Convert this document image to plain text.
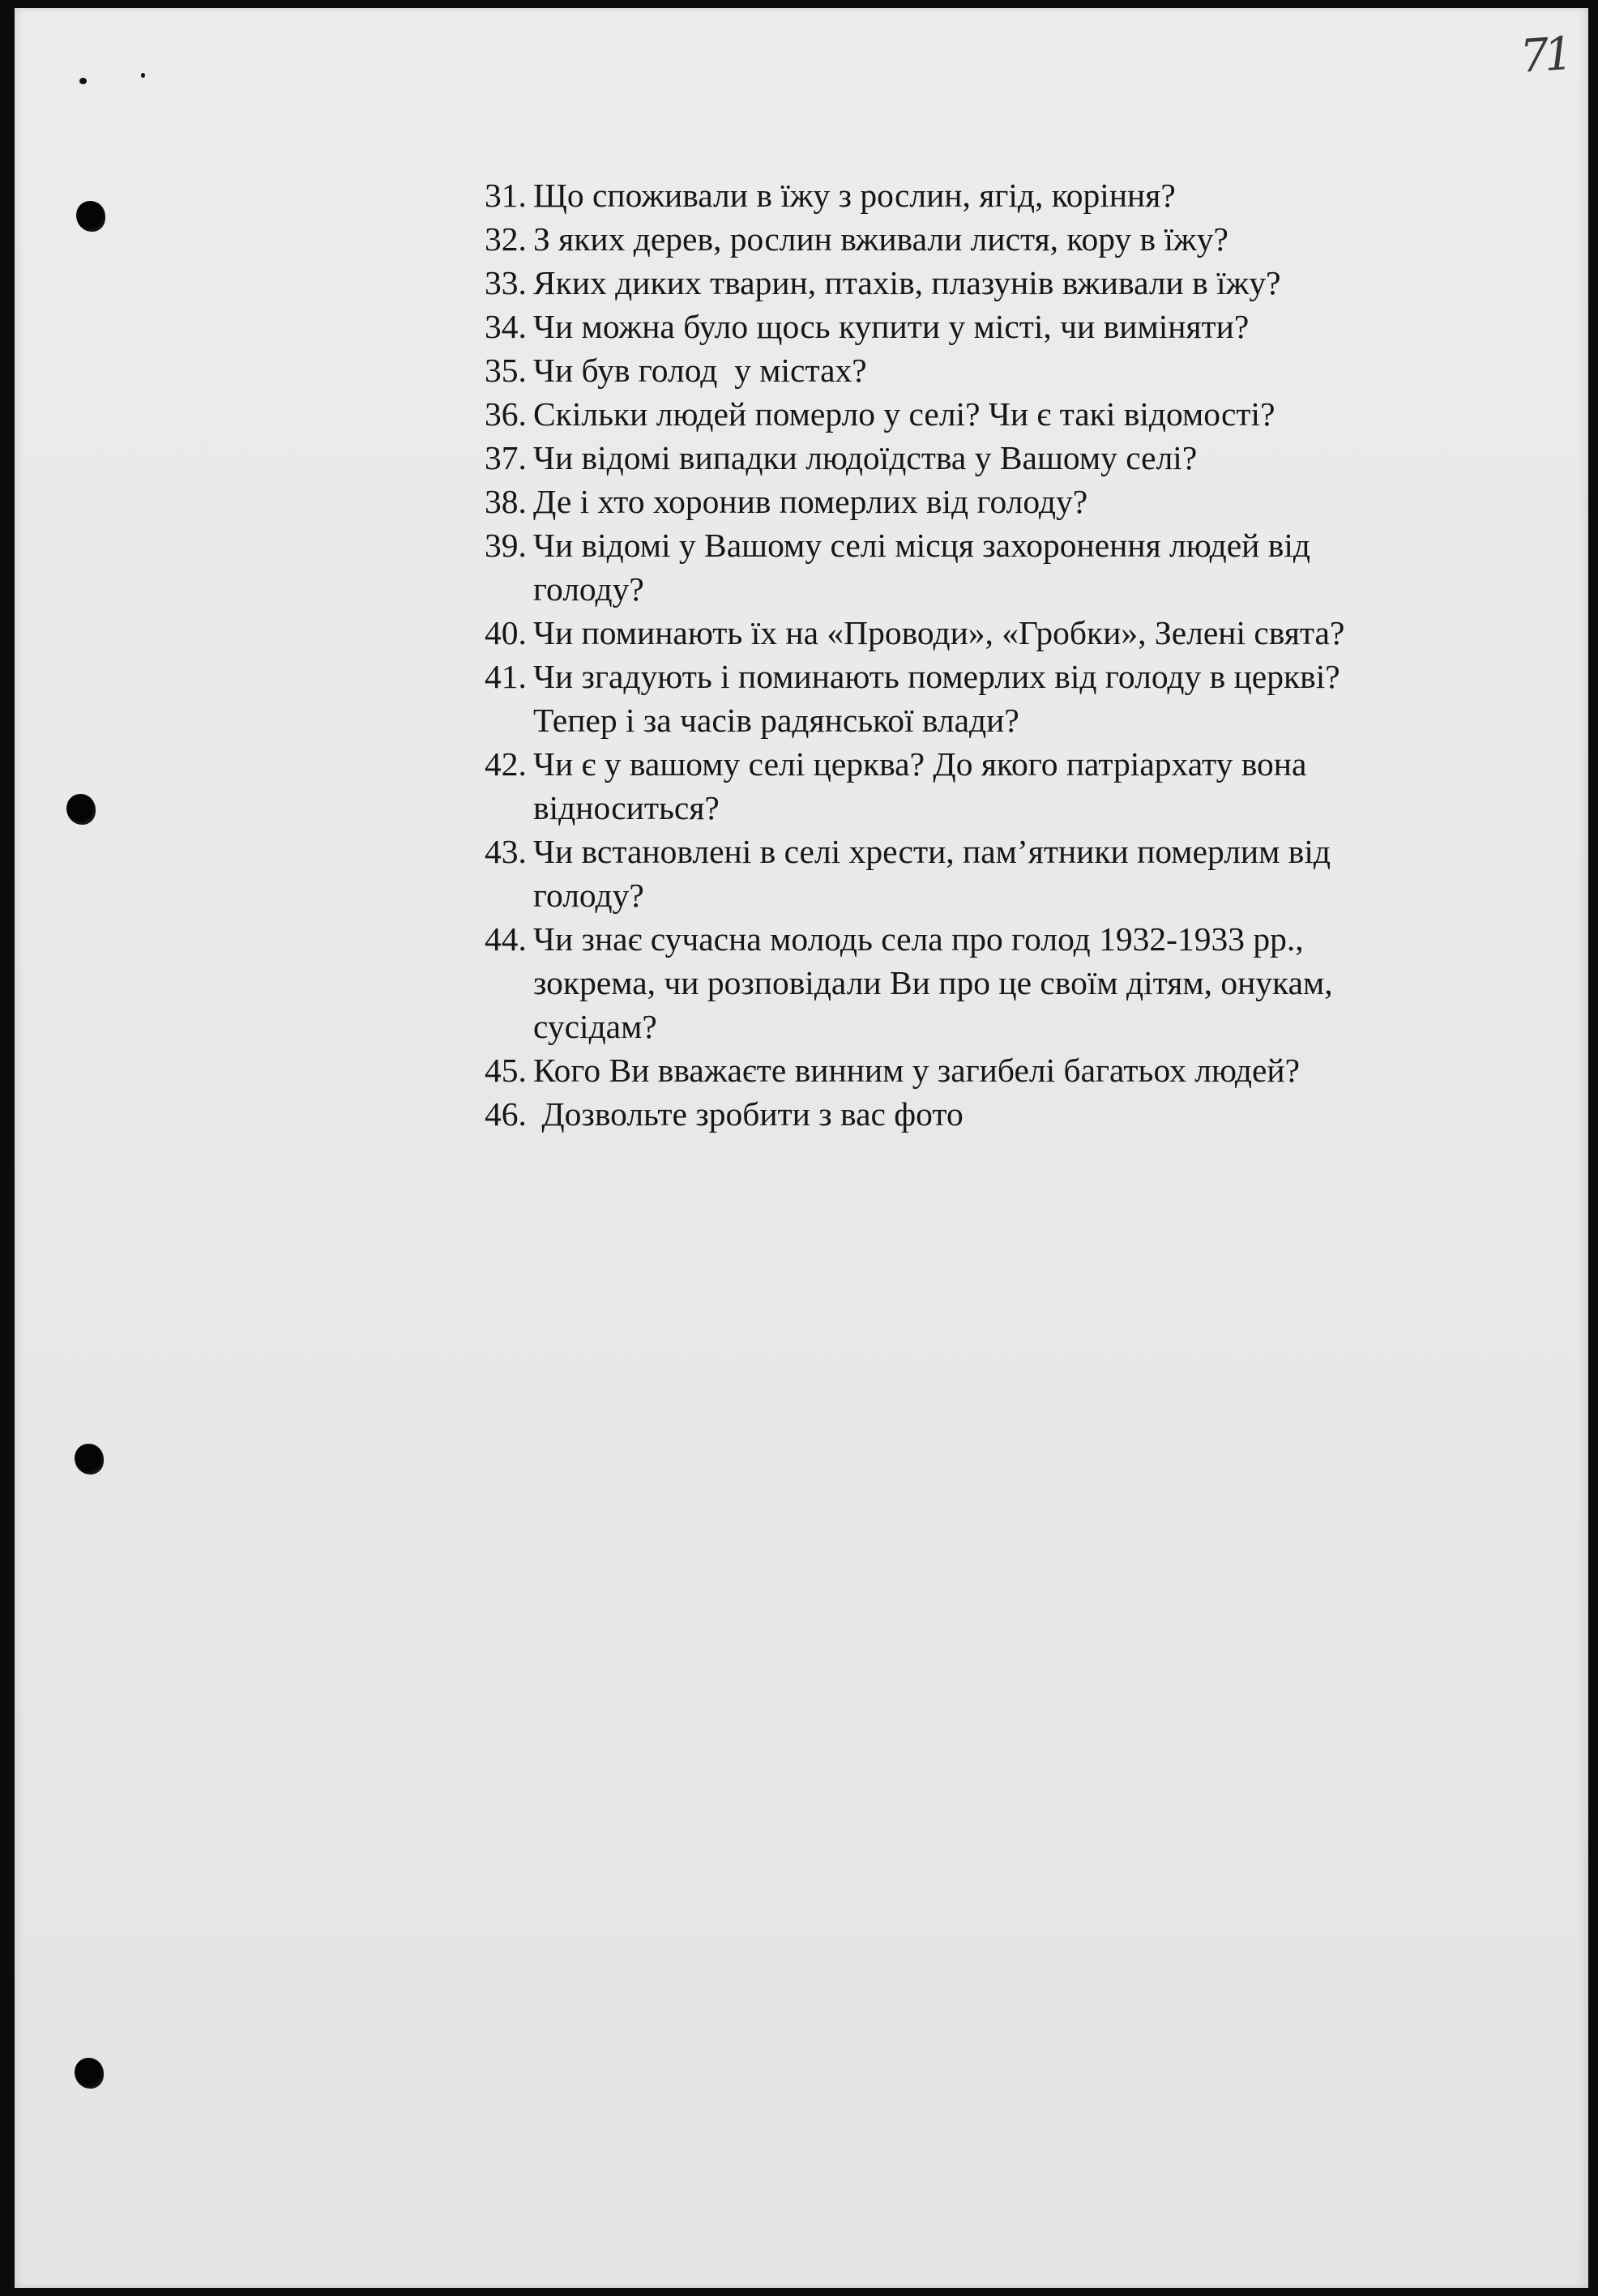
71
31. Що споживали в їжу з рослин, ягід, коріння?
32. З яких дерев, рослин вживали листя, кору в їжу?
33. Яких диких тварин, птахів, плазунів вживали в їжу?
34. Чи можна було щось купити у місті, чи виміняти?
35. Чи був голод  у містах?
36. Скільки людей померло у селі? Чи є такі відомості?
37. Чи відомі випадки людоїдства у Вашому селі?
38. Де і хто хоронив померлих від голоду?
39. Чи відомі у Вашому селі місця захоронення людей від
голоду?
40. Чи поминають їх на «Проводи», «Гробки», Зелені свята?
41. Чи згадують і поминають померлих від голоду в церкві?
Тепер і за часів радянської влади?
42. Чи є у вашому селі церква? До якого патріархату вона
відноситься?
43. Чи встановлені в селі хрести, пам’ятники померлим від
голоду?
44. Чи знає сучасна молодь села про голод 1932-1933 рр.,
зокрема, чи розповідали Ви про це своїм дітям, онукам,
сусідам?
45. Кого Ви вважаєте винним у загибелі багатьох людей?
46. Дозвольте зробити з вас фото
